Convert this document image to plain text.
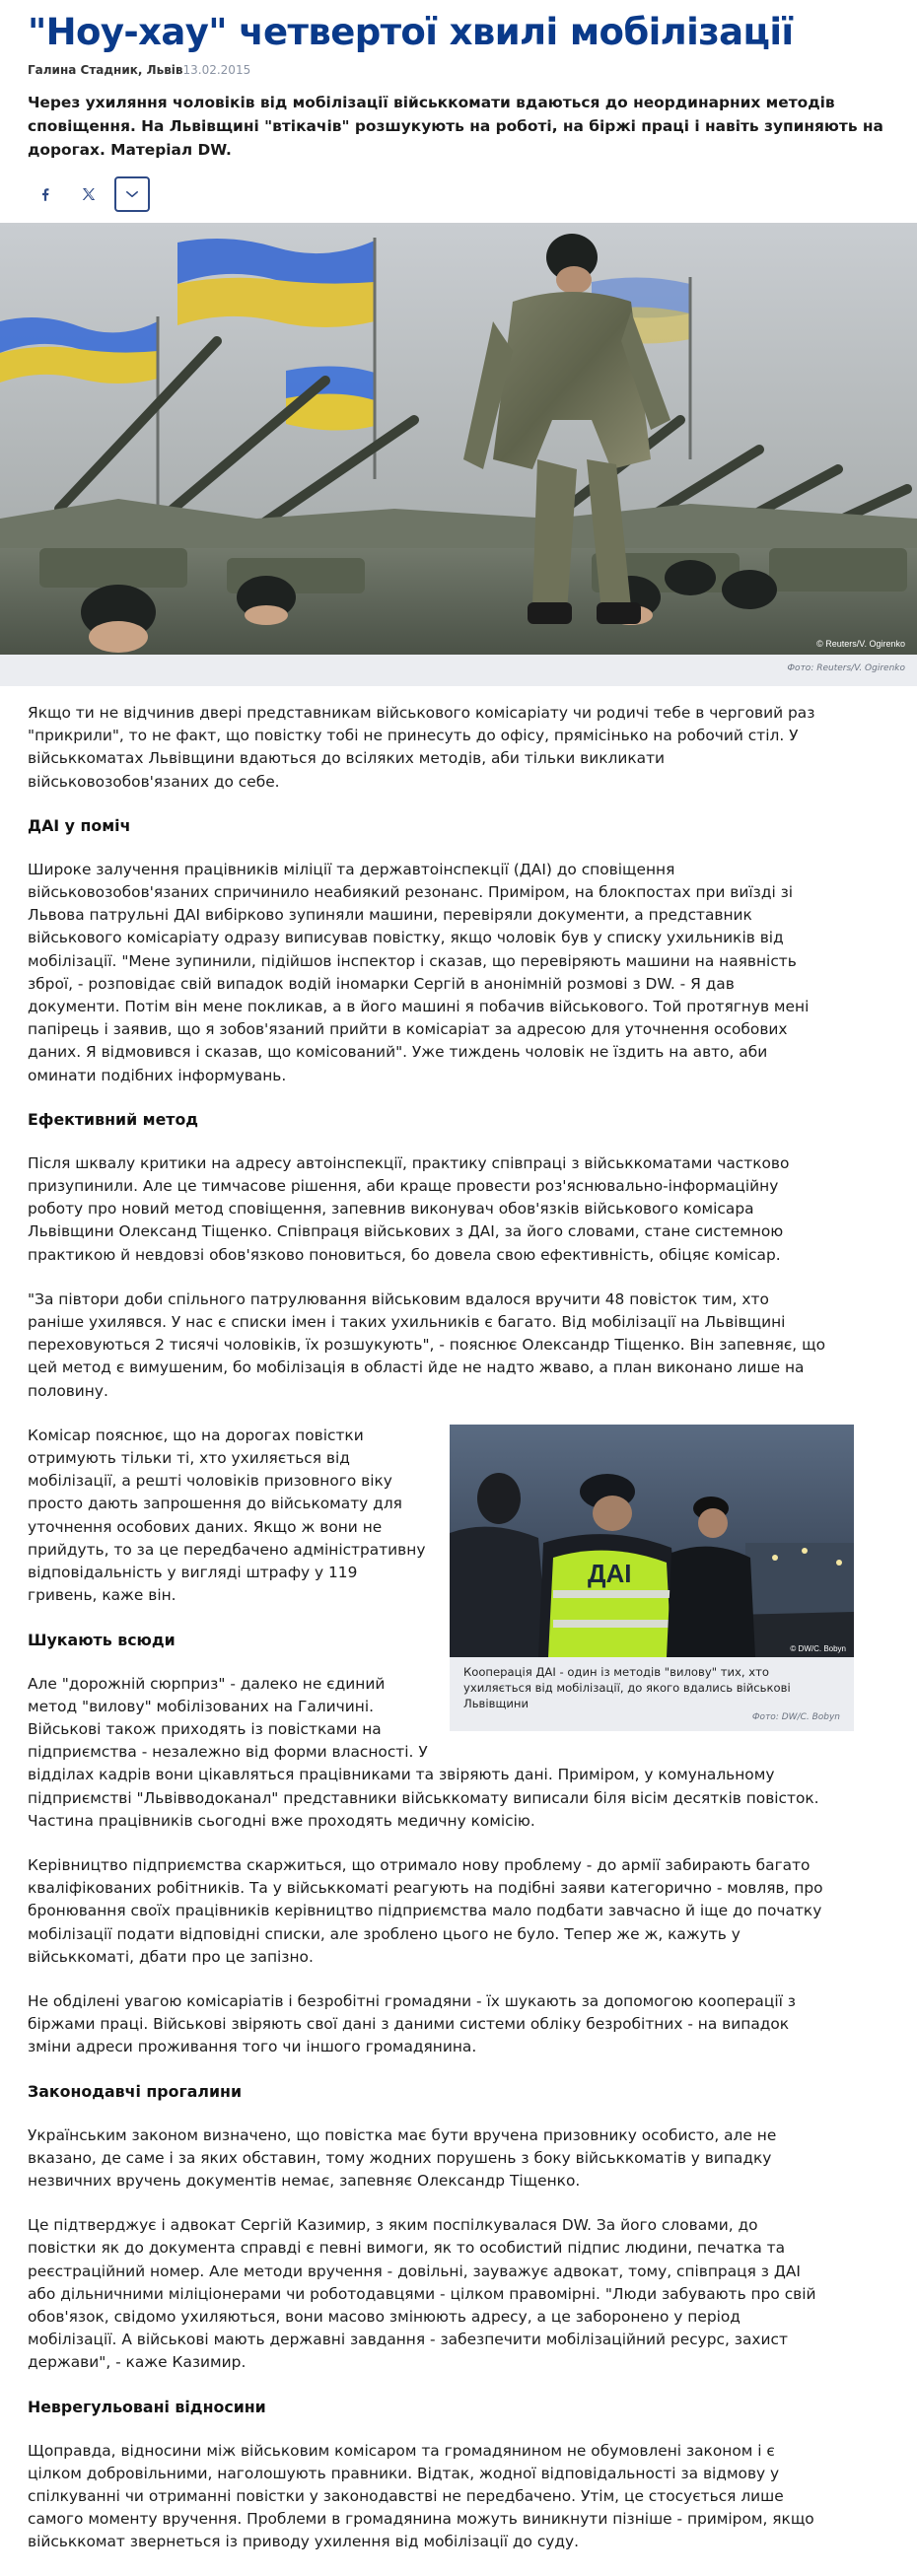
"Ноу-хау" четвертої хвилі мобілізації
Галина Стадник, Львів13.02.2015

Через ухиляння чоловіків від мобілізації військкомати вдаються до неординарних методів сповіщення. На Львівщині "втікачів" розшукують на роботі, на біржі праці і навіть зупиняють на дорогах. Матеріал DW.

© Reuters/V. Ogirenko
Фото: Reuters/V. Ogirenko

Якщо ти не відчинив двері представникам військового комісаріату чи родичі тебе в черговий раз "прикрили", то не факт, що повістку тобі не принесуть до офісу, прямісінько на робочий стіл. У військкоматах Львівщини вдаються до всіляких методів, аби тільки викликати військовозобов'язаних до себе.

ДАІ у поміч

Широке залучення працівників міліції та державтоінспекції (ДАІ) до сповіщення військовозобов'язаних спричинило неабиякий резонанс. Приміром, на блокпостах при виїзді зі Львова патрульні ДАІ вибірково зупиняли машини, перевіряли документи, а представник військового комісаріату одразу виписував повістку, якщо чоловік був у списку ухильників від мобілізації. "Мене зупинили, підійшов інспектор і сказав, що перевіряють машини на наявність зброї, - розповідає свій випадок водій іномарки Сергій в анонімній розмові з DW. - Я дав документи. Потім він мене покликав, а в його машині я побачив військового. Той протягнув мені папірець і заявив, що я зобов'язаний прийти в комісаріат за адресою для уточнення особових даних. Я відмовився і сказав, що комісований". Уже тиждень чоловік не їздить на авто, аби оминати подібних інформувань.

Ефективний метод

Після шквалу критики на адресу автоінспекції, практику співпраці з військкоматами частково призупинили. Але це тимчасове рішення, аби краще провести роз'яснювально-інформаційну роботу про новий метод сповіщення, запевнив виконувач обов'язків військового комісара Львівщини Олександ Тіщенко. Співпраця військових з ДАІ, за його словами, стане системною практикою й невдовзі обов'язково поновиться, бо довела свою ефективність, обіцяє комісар.

"За півтори доби спільного патрулювання військовим вдалося вручити 48 повісток тим, хто раніше ухилявся. У нас є списки імен і таких ухильників є багато. Від мобілізації на Львівщині переховуються 2 тисячі чоловіків, їх розшукують", - пояснює Олександр Тіщенко. Він запевняє, що цей метод є вимушеним, бо мобілізація в області йде не надто жваво, а план виконано лише на половину.

ДАІ
© DW/C. Bobyn
Кооперація ДАІ - один із методів "вилову" тих, хто ухиляється від мобілізації, до якого вдались військові Львівщини
Фото: DW/C. Bobyn

Комісар пояснює, що на дорогах повістки отримують тільки ті, хто ухиляється від мобілізації, а решті чоловіків призовного віку просто дають запрошення до військомату для уточнення особових даних. Якщо ж вони не прийдуть, то за це передбачено адміністративну відповідальність у вигляді штрафу у 119 гривень, каже він.

Шукають всюди

Але "дорожній сюрприз" - далеко не єдиний метод "вилову" мобілізованих на Галичині. Військові також приходять із повістками на підприємства - незалежно від форми власності. У відділах кадрів вони цікавляться працівниками та звіряють дані. Приміром, у комунальному підприємстві "Львівводоканал" представники військкомату виписали біля вісім десятків повісток. Частина працівників сьогодні вже проходять медичну комісію.

Керівництво підприємства скаржиться, що отримало нову проблему - до армії забирають багато кваліфікованих робітників. Та у військкоматі реагують на подібні заяви категорично - мовляв, про бронювання своїх працівників керівництво підприємства мало подбати завчасно й іще до початку мобілізації подати відповідні списки, але зроблено цього не було. Тепер же ж, кажуть у військкоматі, дбати про це запізно.

Не обділені увагою комісаріатів і безробітні громадяни - їх шукають за допомогою кооперації з біржами праці. Військові звіряють свої дані з даними системи обліку безробітних - на випадок зміни адреси проживання того чи іншого громадянина.

Законодавчі прогалини

Українським законом визначено, що повістка має бути вручена призовнику особисто, але не вказано, де саме і за яких обставин, тому жодних порушень з боку військкоматів у випадку незвичних вручень документів немає, запевняє Олександр Тіщенко.

Це підтверджує і адвокат Сергій Казимир, з яким поспілкувалася DW. За його словами, до повістки як до документа справді є певні вимоги, як то особистий підпис людини, печатка та реєстраційний номер. Але методи вручення - довільні, зауважує адвокат, тому, співпраця з ДАІ або дільничними міліціонерами чи роботодавцями - цілком правомірні. "Люди забувають про свій обов'язок, свідомо ухиляються, вони масово змінюють адресу, а це заборонено у період мобілізації. А військові мають державні завдання - забезпечити мобілізаційний ресурс, захист держави", - каже Казимир.

Неврегульовані відносини

Щоправда, відносини між військовим комісаром та громадянином не обумовлені законом і є цілком добровільними, наголошують правники. Відтак, жодної відповідальності за відмову у спілкуванні чи отриманні повістки у законодавстві не передбачено. Утім, це стосується лише самого моменту вручення. Проблеми в громадянина можуть виникнути пізніше - приміром, якщо військкомат звернеться із приводу ухилення від мобілізації до суду.
